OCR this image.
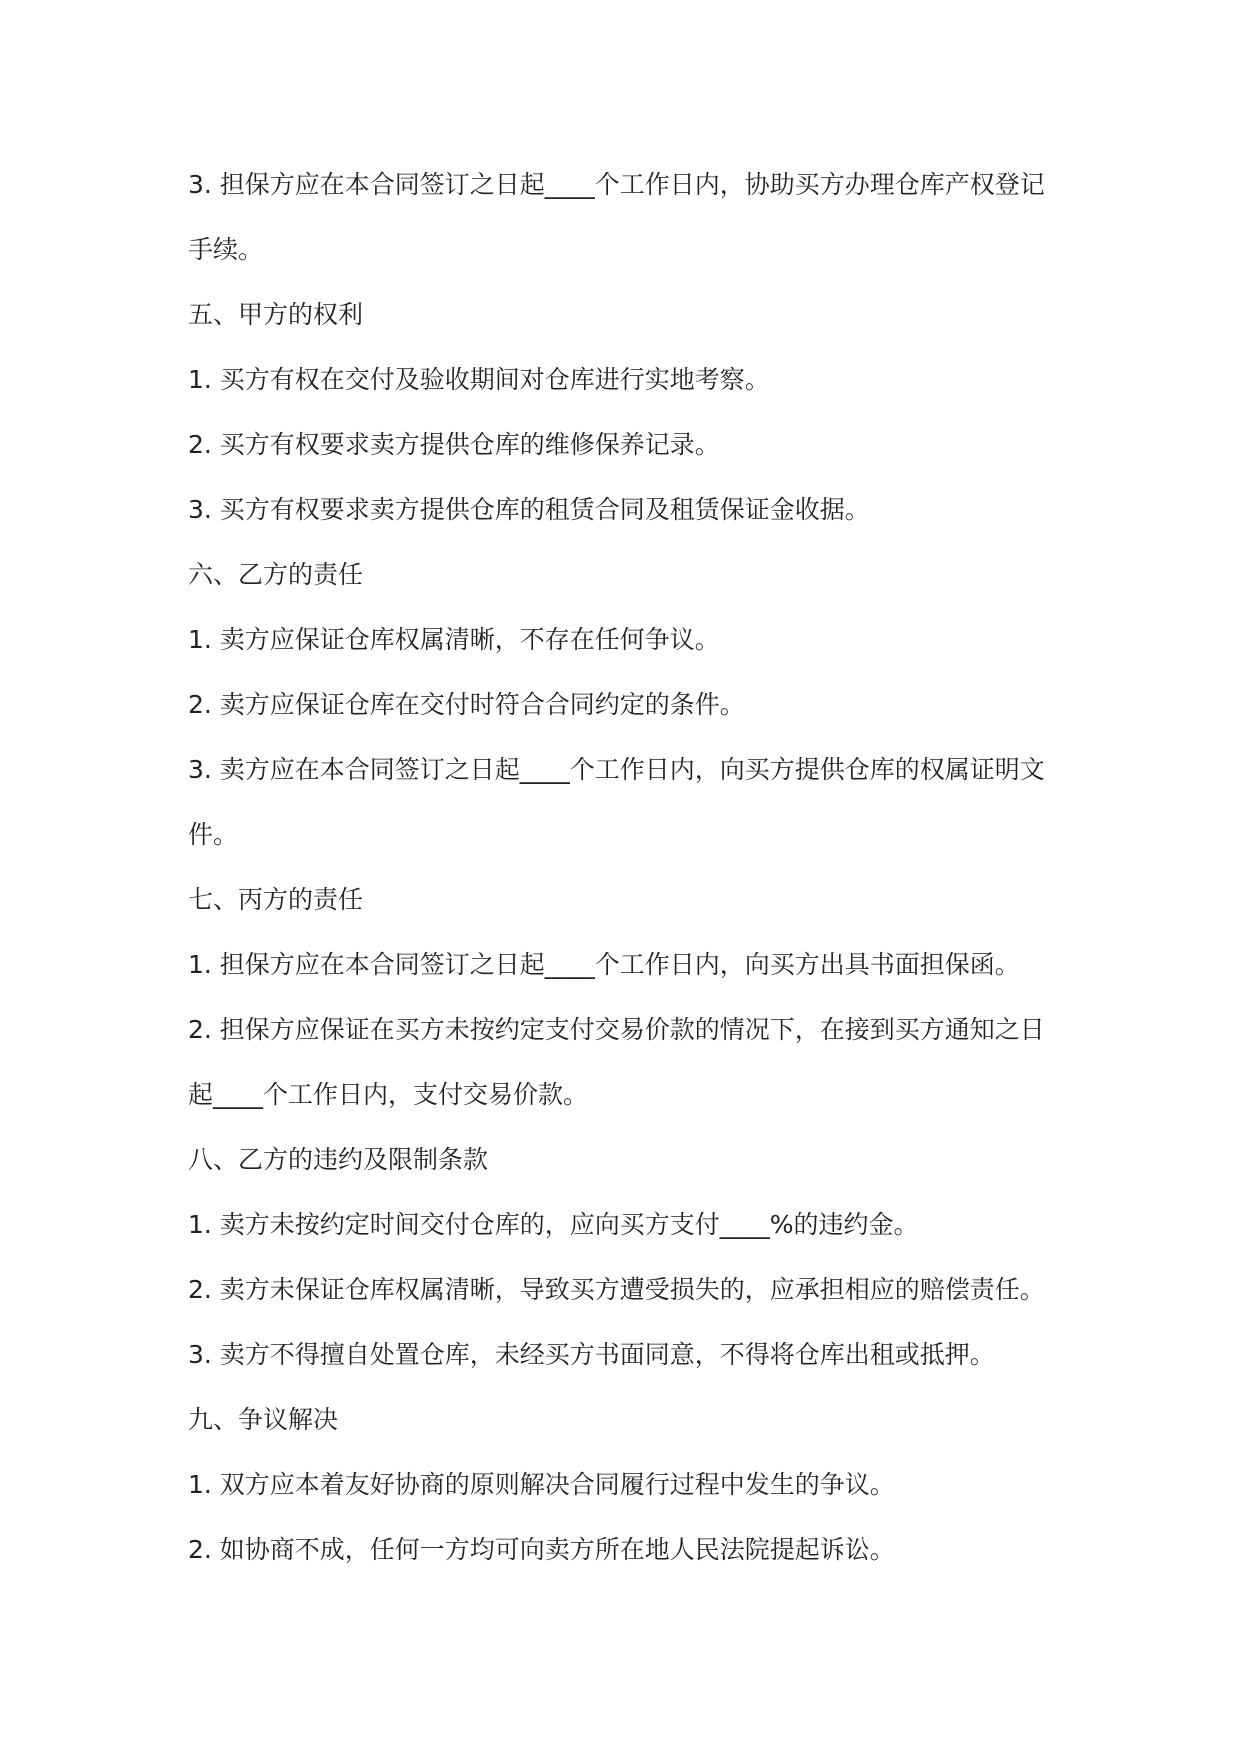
3. 担保方应在本合同签订之日起____个工作日内，协助买方办理仓库产权登记手续。

五、甲方的权利

1. 买方有权在交付及验收期间对仓库进行实地考察。

2. 买方有权要求卖方提供仓库的维修保养记录。

3. 买方有权要求卖方提供仓库的租赁合同及租赁保证金收据。

六、乙方的责任

1. 卖方应保证仓库权属清晰，不存在任何争议。

2. 卖方应保证仓库在交付时符合合同约定的条件。

3. 卖方应在本合同签订之日起____个工作日内，向买方提供仓库的权属证明文件。

七、丙方的责任

1. 担保方应在本合同签订之日起____个工作日内，向买方出具书面担保函。

2. 担保方应保证在买方未按约定支付交易价款的情况下，在接到买方通知之日起____个工作日内，支付交易价款。

八、乙方的违约及限制条款

1. 卖方未按约定时间交付仓库的，应向买方支付____%的违约金。

2. 卖方未保证仓库权属清晰，导致买方遭受损失的，应承担相应的赔偿责任。

3. 卖方不得擅自处置仓库，未经买方书面同意，不得将仓库出租或抵押。

九、争议解决

1. 双方应本着友好协商的原则解决合同履行过程中发生的争议。

2. 如协商不成，任何一方均可向卖方所在地人民法院提起诉讼。
